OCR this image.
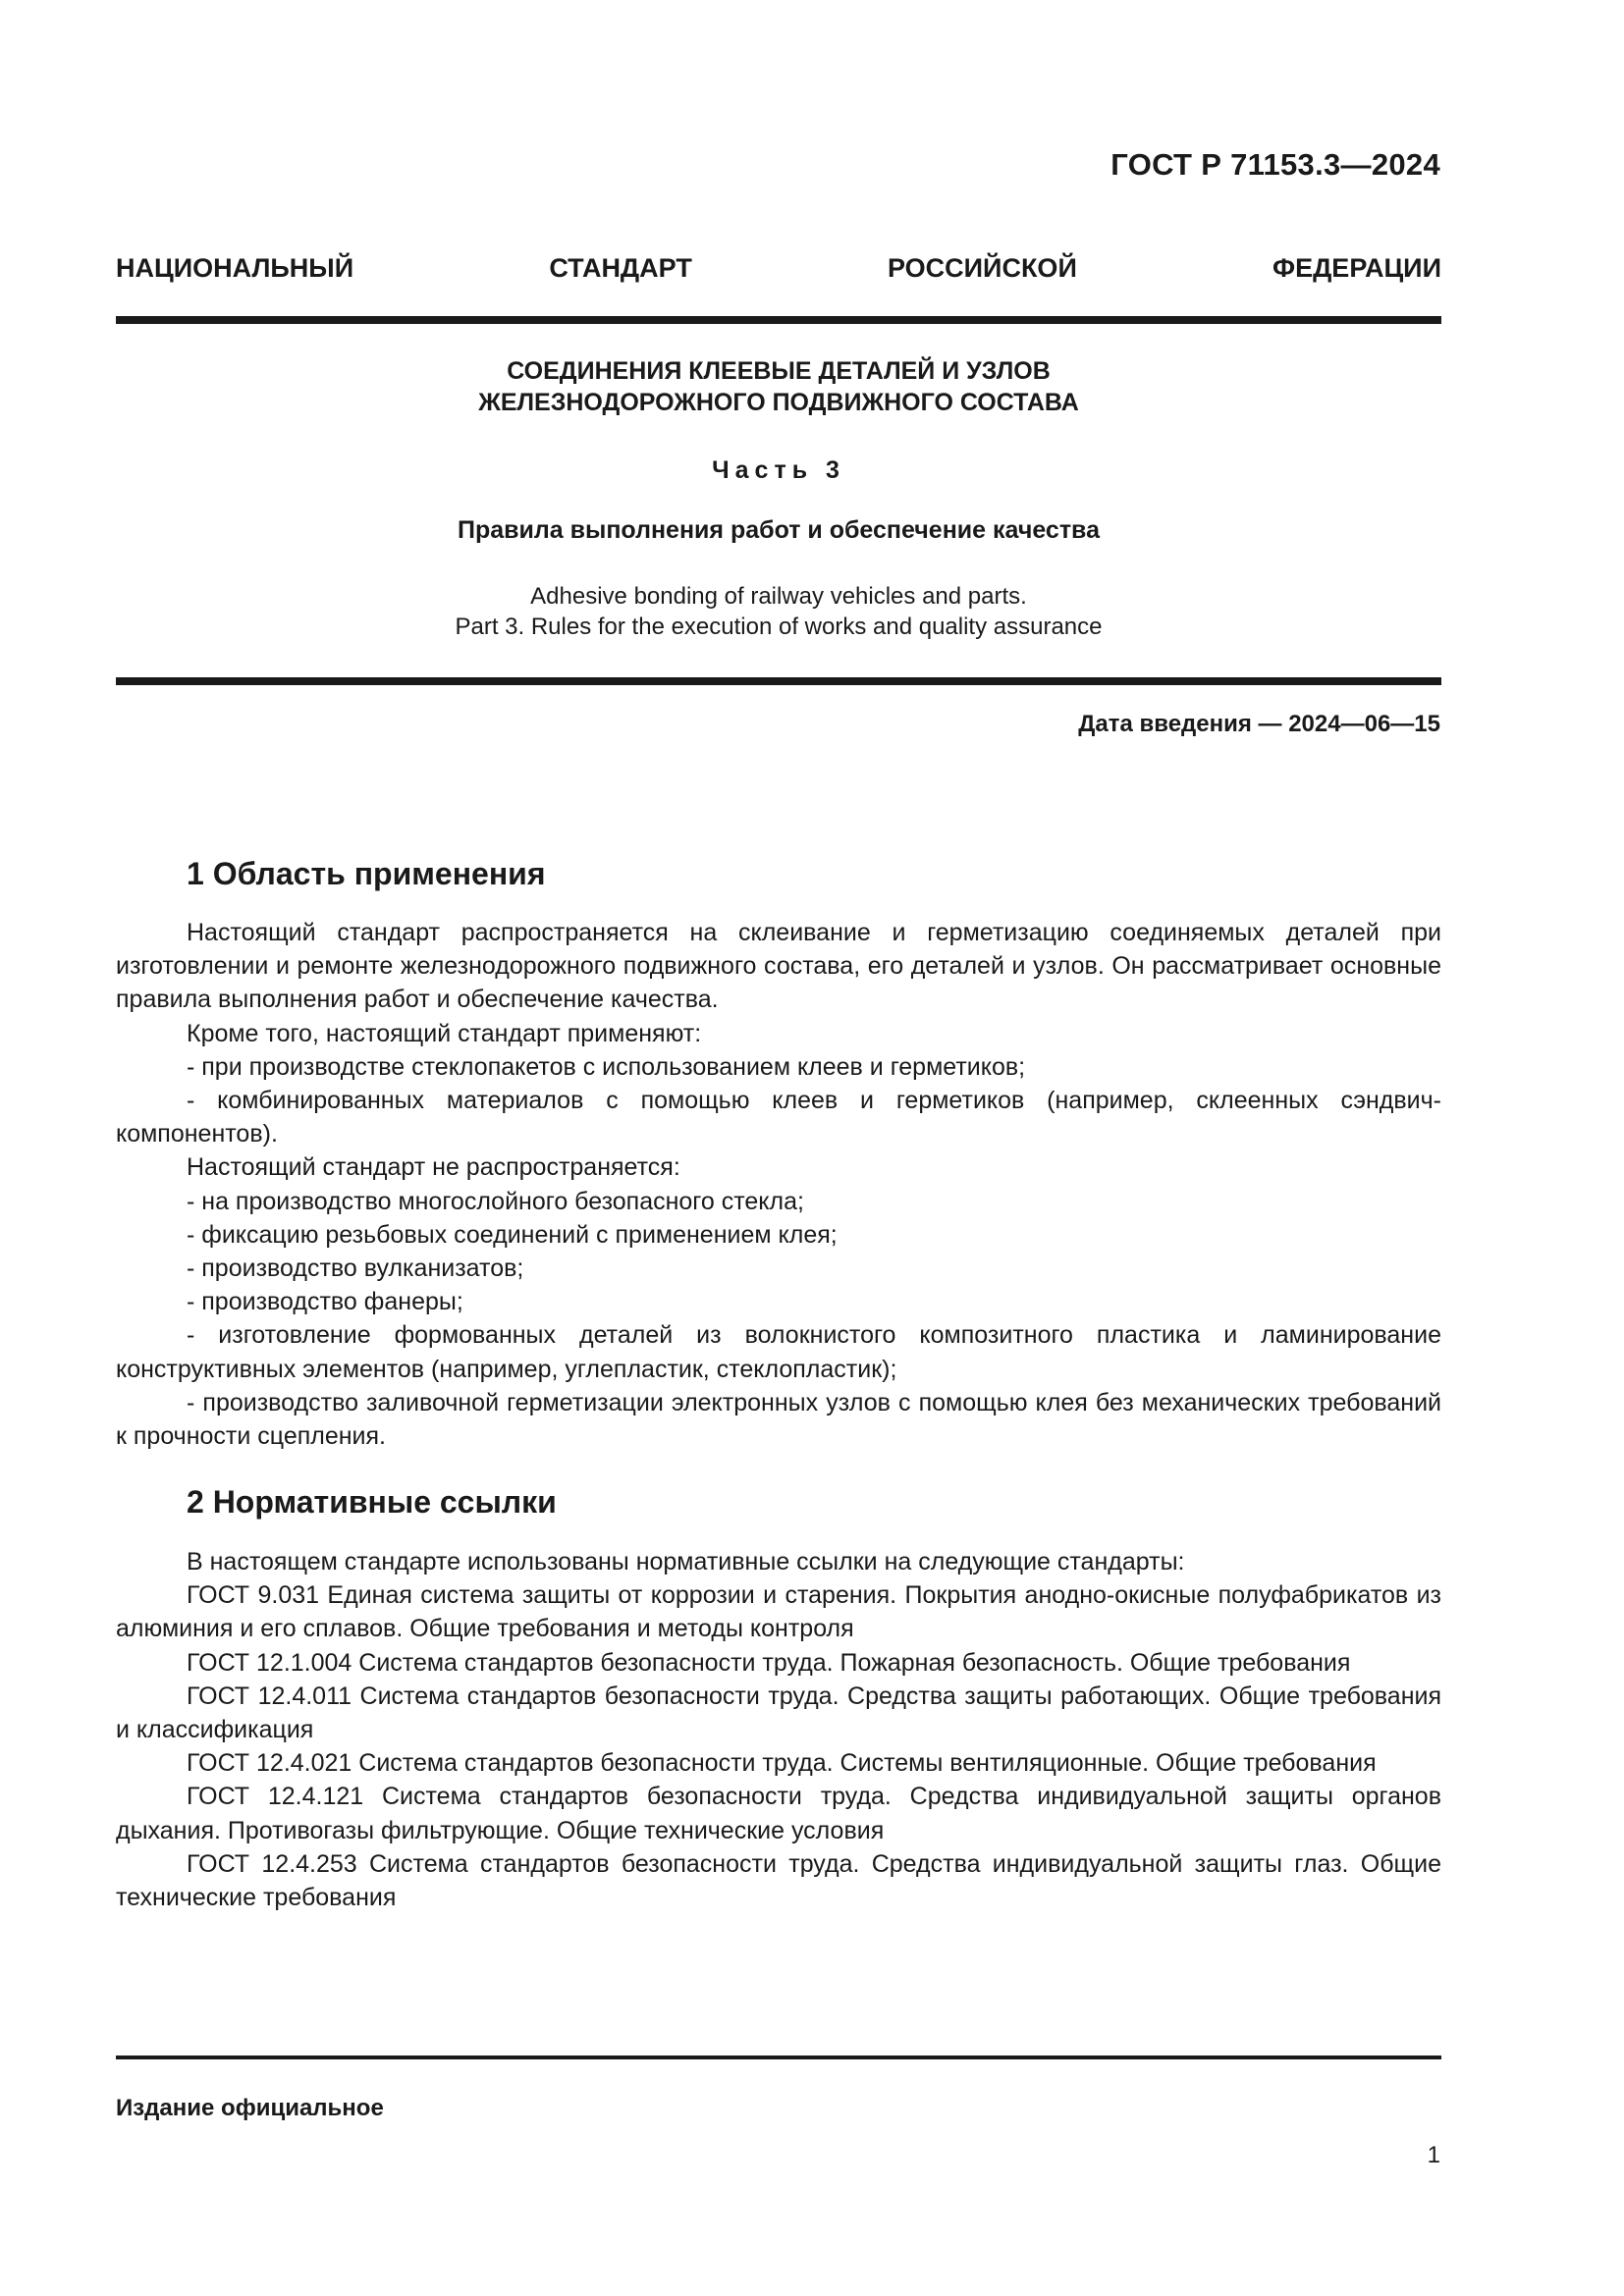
ГОСТ Р 71153.3—2024
НАЦИОНАЛЬНЫЙ СТАНДАРТ РОССИЙСКОЙ ФЕДЕРАЦИИ
СОЕДИНЕНИЯ КЛЕЕВЫЕ ДЕТАЛЕЙ И УЗЛОВ
ЖЕЛЕЗНОДОРОЖНОГО ПОДВИЖНОГО СОСТАВА
Часть 3
Правила выполнения работ и обеспечение качества
Adhesive bonding of railway vehicles and parts.
Part 3. Rules for the execution of works and quality assurance
Дата введения — 2024—06—15
1 Область применения

Настоящий стандарт распространяется на склеивание и герметизацию соединяемых деталей при изготовлении и ремонте железнодорожного подвижного состава, его деталей и узлов. Он рассматривает основные правила выполнения работ и обеспечение качества.

Кроме того, настоящий стандарт применяют:

- при производстве стеклопакетов с использованием клеев и герметиков;

- комбинированных материалов с помощью клеев и герметиков (например, склеенных сэндвич-компонентов).

Настоящий стандарт не распространяется:

- на производство многослойного безопасного стекла;

- фиксацию резьбовых соединений с применением клея;

- производство вулканизатов;

- производство фанеры;

- изготовление формованных деталей из волокнистого композитного пластика и ламинирование конструктивных элементов (например, углепластик, стеклопластик);

- производство заливочной герметизации электронных узлов с помощью клея без механических требований к прочности сцепления.

2 Нормативные ссылки

В настоящем стандарте использованы нормативные ссылки на следующие стандарты:

ГОСТ 9.031 Единая система защиты от коррозии и старения. Покрытия анодно-окисные полуфабрикатов из алюминия и его сплавов. Общие требования и методы контроля

ГОСТ 12.1.004 Система стандартов безопасности труда. Пожарная безопасность. Общие требования

ГОСТ 12.4.011 Система стандартов безопасности труда. Средства защиты работающих. Общие требования и классификация

ГОСТ 12.4.021 Система стандартов безопасности труда. Системы вентиляционные. Общие требования

ГОСТ 12.4.121 Система стандартов безопасности труда. Средства индивидуальной защиты органов дыхания. Противогазы фильтрующие. Общие технические условия

ГОСТ 12.4.253 Система стандартов безопасности труда. Средства индивидуальной защиты глаз. Общие технические требования

Издание официальное
1
